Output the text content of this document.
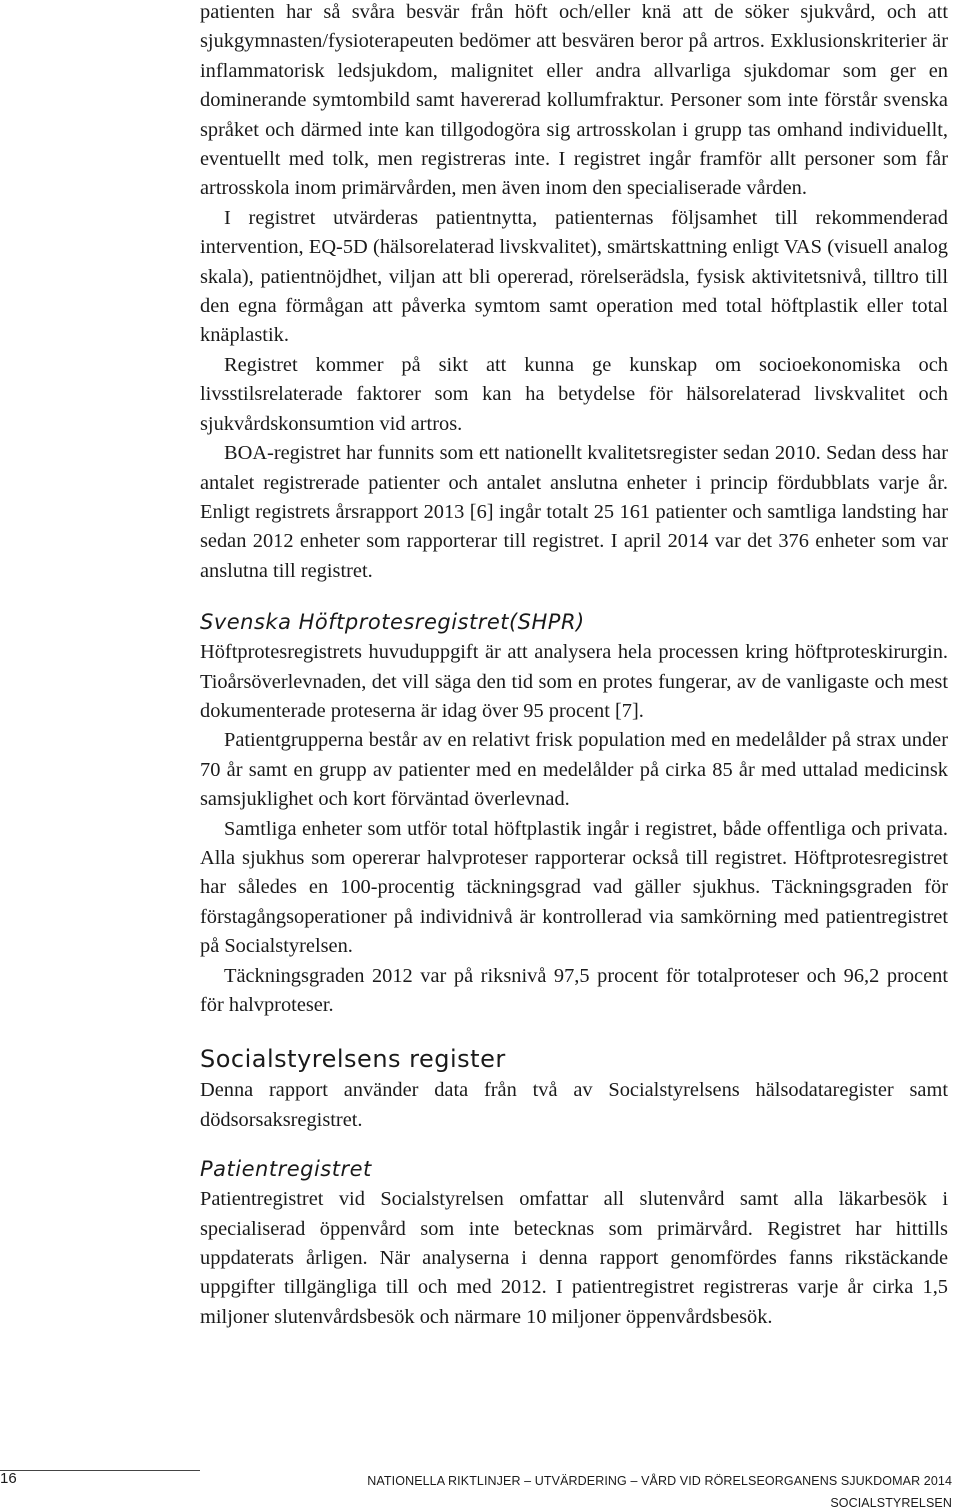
patienten har så svåra besvär från höft och/eller knä att de söker sjukvård, och att sjukgymnasten/fysioterapeuten bedömer att besvären beror på artros. Exklusionskriterier är inflammatorisk ledsjukdom, malignitet eller andra allvarliga sjukdomar som ger en dominerande symtombild samt havererad kollumfraktur. Personer som inte förstår svenska språket och därmed inte kan tillgodogöra sig artrosskolan i grupp tas omhand individuellt, eventuellt med tolk, men registreras inte. I registret ingår framför allt personer som får artrosskola inom primärvården, men även inom den specialiserade vården.

I registret utvärderas patientnytta, patienternas följsamhet till rekommenderad intervention, EQ-5D (hälsorelaterad livskvalitet), smärtskattning enligt VAS (visuell analog skala), patientnöjdhet, viljan att bli opererad, rörelserädsla, fysisk aktivitetsnivå, tilltro till den egna förmågan att påverka symtom samt operation med total höftplastik eller total knäplastik.

Registret kommer på sikt att kunna ge kunskap om socioekonomiska och livsstilsrelaterade faktorer som kan ha betydelse för hälsorelaterad livskvalitet och sjukvårdskonsumtion vid artros.

BOA-registret har funnits som ett nationellt kvalitetsregister sedan 2010. Sedan dess har antalet registrerade patienter och antalet anslutna enheter i princip fördubblats varje år. Enligt registrets årsrapport 2013 [6] ingår totalt 25 161 patienter och samtliga landsting har sedan 2012 enheter som rapporterar till registret. I april 2014 var det 376 enheter som var anslutna till registret.

Svenska Höftprotesregistret(SHPR)

Höftprotesregistrets huvuduppgift är att analysera hela processen kring höftproteskirurgin. Tioårsöverlevnaden, det vill säga den tid som en protes fungerar, av de vanligaste och mest dokumenterade proteserna är idag över 95 procent [7].

Patientgrupperna består av en relativt frisk population med en medelålder på strax under 70 år samt en grupp av patienter med en medelålder på cirka 85 år med uttalad medicinsk samsjuklighet och kort förväntad överlevnad.

Samtliga enheter som utför total höftplastik ingår i registret, både offentliga och privata. Alla sjukhus som opererar halvproteser rapporterar också till registret. Höftprotesregistret har således en 100-procentig täckningsgrad vad gäller sjukhus. Täckningsgraden för förstagångsoperationer på individnivå är kontrollerad via samkörning med patientregistret på Socialstyrelsen.

Täckningsgraden 2012 var på riksnivå 97,5 procent för totalproteser och 96,2 procent för halvproteser.

Socialstyrelsens register

Denna rapport använder data från två av Socialstyrelsens hälsodataregister samt dödsorsaksregistret.

Patientregistret

Patientregistret vid Socialstyrelsen omfattar all slutenvård samt alla läkarbesök i specialiserad öppenvård som inte betecknas som primärvård. Registret har hittills uppdaterats årligen. När analyserna i denna rapport genomfördes fanns rikstäckande uppgifter tillgängliga till och med 2012. I patientregistret registreras varje år cirka 1,5 miljoner slutenvårdsbesök och närmare 10 miljoner öppenvårdsbesök.

16	NATIONELLA RIKTLINJER – UTVÄRDERING – VÅRD VID RÖRELSEORGANENS SJUKDOMAR 2014
SOCIALSTYRELSEN
